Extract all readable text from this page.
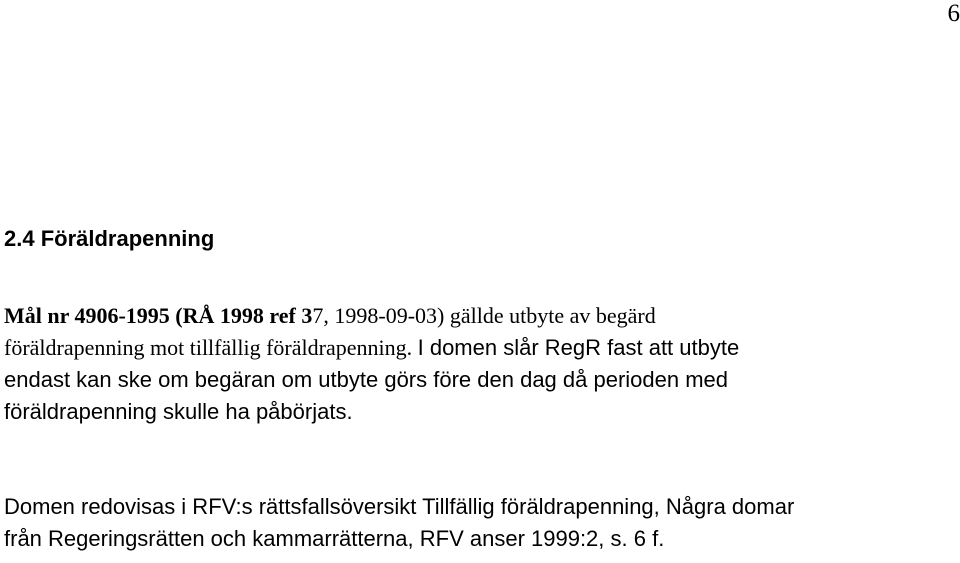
6
2.4 Föräldrapenning

Mål nr 4906-1995 (RÅ 1998 ref 37, 1998-09-03) gällde utbyte av begärd
föräldrapenning mot tillfällig föräldrapenning. I domen slår RegR fast att utbyte
endast kan ske om begäran om utbyte görs före den dag då perioden med
föräldrapenning skulle ha påbörjats.

Domen redovisas i RFV:s rättsfallsöversikt Tillfällig föräldrapenning, Några domar
från Regeringsrätten och kammarrätterna, RFV anser 1999:2, s. 6 f.
